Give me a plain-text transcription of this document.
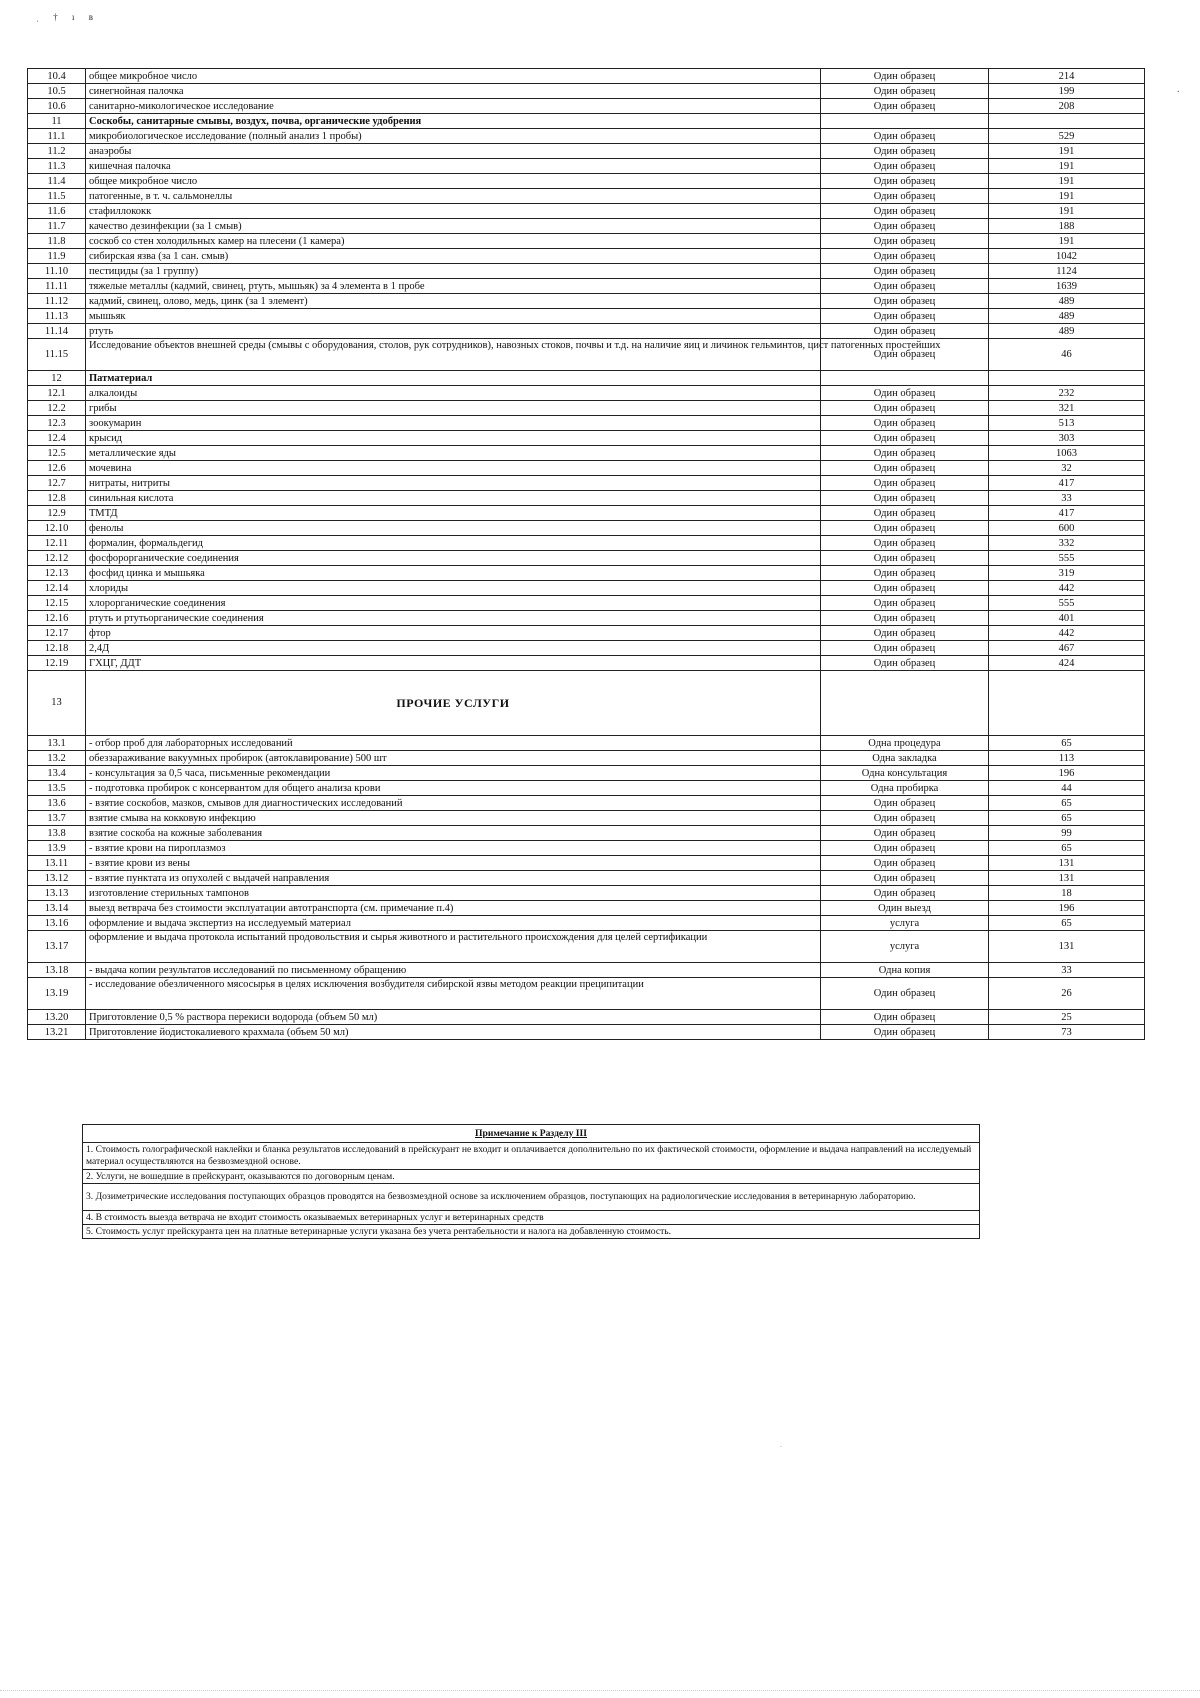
ˌ † ı ʙ
.
.
10.4	общее микробное число	Один образец	214
10.5	синегнойная палочка	Один образец	199
10.6	санитарно-микологическое исследование	Один образец	208
11	Соскобы, санитарные смывы, воздух, почва, органические удобрения		
11.1	микробиологическое исследование (полный анализ 1 пробы)	Один образец	529
11.2	анаэробы	Один образец	191
11.3	кишечная палочка	Один образец	191
11.4	общее микробное число	Один образец	191
11.5	патогенные, в т. ч. сальмонеллы	Один образец	191
11.6	стафиллококк	Один образец	191
11.7	качество дезинфекции (за 1 смыв)	Один образец	188
11.8	соскоб со стен холодильных камер на плесени (1 камера)	Один образец	191
11.9	сибирская язва (за 1 сан. смыв)	Один образец	1042
11.10	пестициды (за 1 группу)	Один образец	1124
11.11	тяжелые металлы (кадмий, свинец, ртуть, мышьяк) за 4 элемента в 1 пробе	Один образец	1639
11.12	кадмий, свинец, олово, медь, цинк (за 1 элемент)	Один образец	489
11.13	мышьяк	Один образец	489
11.14	ртуть	Один образец	489
11.15	Исследование объектов внешней среды (смывы с оборудования, столов, рук сотрудников), навозных стоков, почвы и т.д. на наличие яиц и личинок гельминтов, цист патогенных простейших	Один образец	46
12	Патматериал		
12.1	алкалоиды	Один образец	232
12.2	грибы	Один образец	321
12.3	зоокумарин	Один образец	513
12.4	крысид	Один образец	303
12.5	металлические яды	Один образец	1063
12.6	мочевина	Один образец	32
12.7	нитраты, нитриты	Один образец	417
12.8	синильная кислота	Один образец	33
12.9	ТМТД	Один образец	417
12.10	фенолы	Один образец	600
12.11	формалин, формальдегид	Один образец	332
12.12	фосфорорганические соединения	Один образец	555
12.13	фосфид цинка и мышьяка	Один образец	319
12.14	хлориды	Один образец	442
12.15	хлорорганические соединения	Один образец	555
12.16	ртуть и ртутьорганические соединения	Один образец	401
12.17	фтор	Один образец	442
12.18	2,4Д	Один образец	467
12.19	ГХЦГ, ДДТ	Один образец	424
13	ПРОЧИЕ УСЛУГИ		
13.1	- отбор проб для лабораторных исследований	Одна процедура	65
13.2	обеззараживание вакуумных пробирок (автоклавирование) 500 шт	Одна закладка	113
13.4	- консультация за 0,5 часа, письменные рекомендации	Одна консультация	196
13.5	- подготовка пробирок с консервантом для общего анализа крови	Одна пробирка	44
13.6	- взятие соскобов, мазков, смывов для диагностических исследований	Один образец	65
13.7	взятие смыва на кокковую инфекцию	Один образец	65
13.8	взятие соскоба на кожные заболевания	Один образец	99
13.9	- взятие крови на пироплазмоз	Один образец	65
13.11	- взятие крови из вены	Один образец	131
13.12	- взятие пунктата из опухолей с выдачей направления	Один образец	131
13.13	изготовление стерильных тампонов	Один образец	18
13.14	выезд ветврача без стоимости эксплуатации автотранспорта (см. примечание п.4)	Один выезд	196
13.16	оформление и выдача экспертиз на исследуемый материал	услуга	65
13.17	оформление и выдача протокола испытаний продовольствия и сырья животного и растительного происхождения для целей сертификации	услуга	131
13.18	- выдача копии результатов исследований по письменному обращению	Одна копия	33
13.19	- исследование обезличенного мясосырья в целях исключения возбудителя сибирской язвы методом реакции преципитации	Один образец	26
13.20	Приготовление 0,5 % раствора перекиси водорода (объем 50 мл)	Один образец	25
13.21	Приготовление йодистокалиевого крахмала (объем 50 мл)	Один образец	73
Примечание к Разделу III
1. Стоимость голографической наклейки и бланка результатов исследований в прейскурант не входит и оплачивается дополнительно по их фактической стоимости, оформление и выдача направлений на исследуемый материал осуществляются на безвозмездной основе.
2. Услуги, не вошедшие в прейскурант, оказываются по договорным ценам.
3. Дозиметрические исследования поступающих образцов проводятся на безвозмездной основе за исключением образцов, поступающих на радиологические исследования в ветеринарную лабораторию.
4. В стоимость выезда ветврача не входит стоимость оказываемых ветеринарных услуг и ветеринарных средств
5. Стоимость услуг прейскуранта цен на платные ветеринарные услуги указана без учета рентабельности и налога на добавленную стоимость.
